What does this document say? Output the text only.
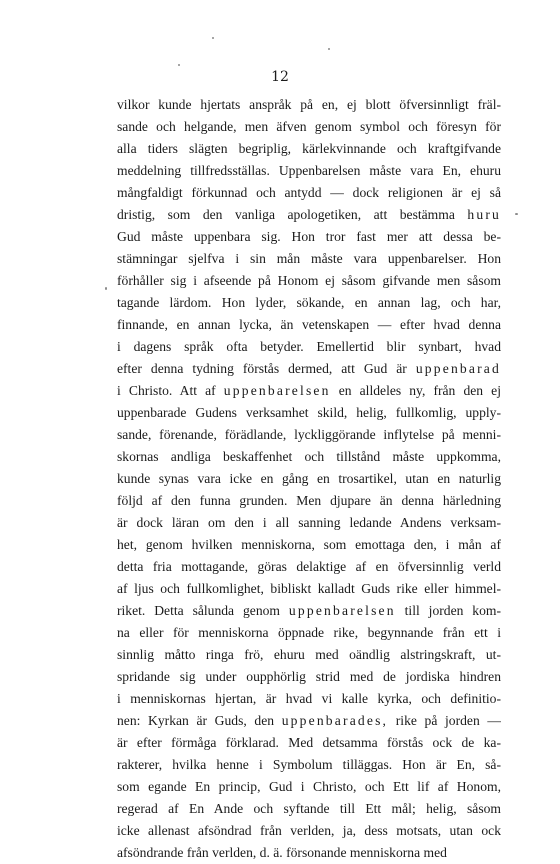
12
vilkor kunde hjertats anspråk på en, ej blott öfversinnligt fräl-
sande och helgande, men äfven genom symbol och föresyn för
alla tiders slägten begriplig, kärlekvinnande och kraftgifvande
meddelning tillfredsställas. Uppenbarelsen måste vara En, ehuru
mångfaldigt förkunnad och antydd — dock religionen är ej så
dristig, som den vanliga apologetiken, att bestämma huru
Gud måste uppenbara sig. Hon tror fast mer att dessa be-
stämningar sjelfva i sin mån måste vara uppenbarelser. Hon
förhåller sig i afseende på Honom ej såsom gifvande men såsom
tagande lärdom. Hon lyder, sökande, en annan lag, och har,
finnande, en annan lycka, än vetenskapen — efter hvad denna
i dagens språk ofta betyder. Emellertid blir synbart, hvad
efter denna tydning förstås dermed, att Gud är uppenbarad
i Christo. Att af uppenbarelsen en alldeles ny, från den ej
uppenbarade Gudens verksamhet skild, helig, fullkomlig, upply-
sande, förenande, förädlande, lyckliggörande inflytelse på menni-
skornas andliga beskaffenhet och tillstånd måste uppkomma,
kunde synas vara icke en gång en trosartikel, utan en naturlig
följd af den funna grunden. Men djupare än denna härledning
är dock läran om den i all sanning ledande Andens verksam-
het, genom hvilken menniskorna, som emottaga den, i mån af
detta fria mottagande, göras delaktige af en öfversinnlig verld
af ljus och fullkomlighet, bibliskt kalladt Guds rike eller himmel-
riket. Detta sålunda genom uppenbarelsen till jorden kom-
na eller för menniskorna öppnade rike, begynnande från ett i
sinnlig måtto ringa frö, ehuru med oändlig alstringskraft, ut-
spridande sig under oupphörlig strid med de jordiska hindren
i menniskornas hjertan, är hvad vi kalle kyrka, och definitio-
nen: Kyrkan är Guds, den uppenbarades, rike på jorden —
är efter förmåga förklarad. Med detsamma förstås ock de ka-
rakterer, hvilka henne i Symbolum tilläggas. Hon är En, så-
som egande En princip, Gud i Christo, och Ett lif af Honom,
regerad af En Ande och syftande till Ett mål; helig, såsom
icke allenast afsöndrad från verlden, ja, dess motsats, utan ock
afsöndrande från verlden, d. ä. försonande menniskorna med
